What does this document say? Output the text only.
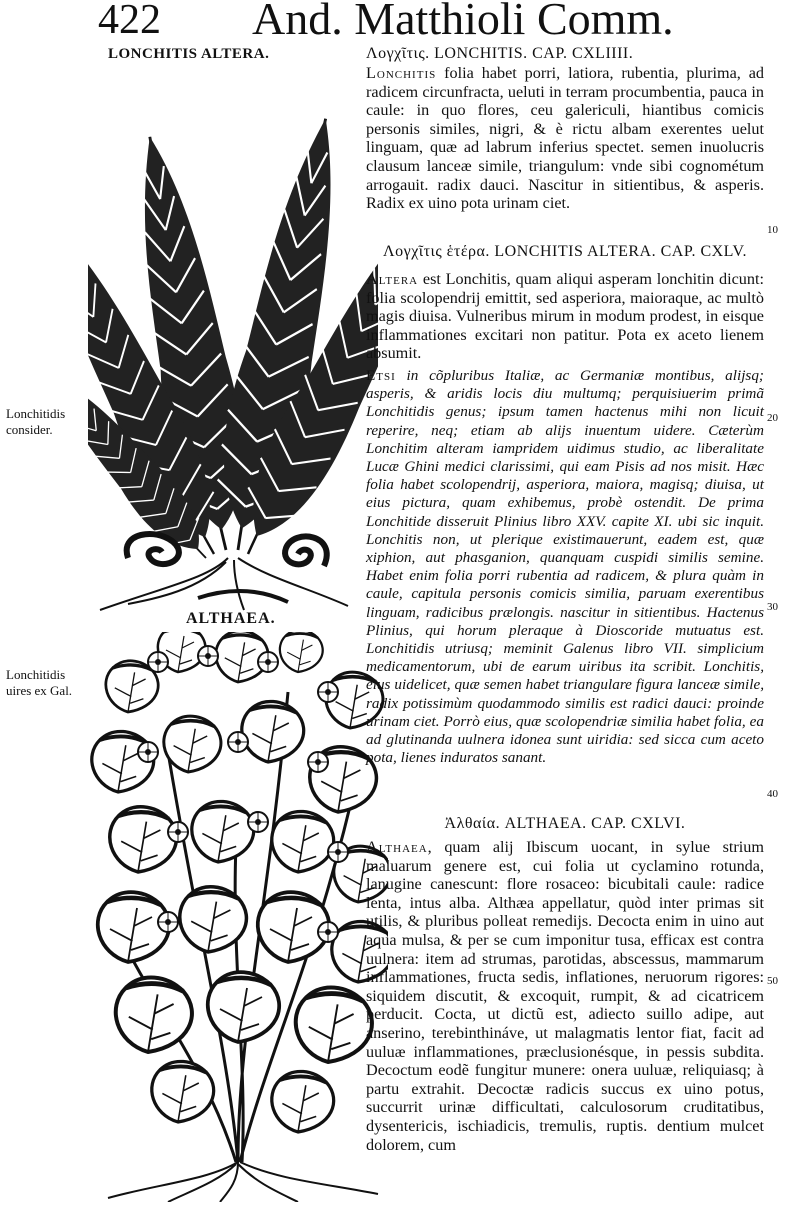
422 And. Matthioli Comm.
LONCHITIS ALTERA.
ALTHAEA.
Lonchitidis consider.
Lonchitidis uires ex Gal.
10
20
30
40
50

Λογχῖτις. LONCHITIS. CAP. CXLIIII.

Lonchitis folia habet porri, latiora, rubentia, plurima, ad radicem circunfracta, ueluti in terram procumbentia, pauca in caule: in quo flores, ceu galericuli, hiantibus comicis personis similes, nigri, & è rictu albam exerentes uelut linguam, quæ ad labrum inferius spectet. semen inuolucris clausum lanceæ simile, triangulum: vnde sibi cognométum arrogauit. radix dauci. Nascitur in sitientibus, & asperis. Radix ex uino pota urinam ciet.

Λογχῖτις ἑτέρα. LONCHITIS ALTERA. CAP. CXLV.

Altera est Lonchitis, quam aliqui asperam lonchitin dicunt: folia scolopendrij emittit, sed asperiora, maioraque, ac multò magis diuisa. Vulneribus mirum in modum prodest, in eisque inflammationes excitari non patitur. Pota ex aceto lienem absumit.

Etsi in cõpluribus Italiæ, ac Germaniæ montibus, alijsq; asperis, & aridis locis diu multumq; perquisiuerim primã Lonchitidis genus; ipsum tamen hactenus mihi non licuit reperire, neq; etiam ab alijs inuentum uidere. Cæterùm Lonchitim alteram iampridem uidimus studio, ac liberalitate Lucæ Ghini medici clarissimi, qui eam Pisis ad nos misit. Hæc folia habet scolopendrij, asperiora, maiora, magisq; diuisa, ut eius pictura, quam exhibemus, probè ostendit. De prima Lonchitide disseruit Plinius libro XXV. capite XI. ubi sic inquit. Lonchitis non, ut plerique existimauerunt, eadem est, quæ xiphion, aut phasganion, quanquam cuspidi similis semine. Habet enim folia porri rubentia ad radicem, & plura quàm in caule, capitula personis comicis similia, paruam exerentibus linguam, radicibus prælongis. nascitur in sitientibus. Hactenus Plinius, qui horum pleraque à Dioscoride mutuatus est. Lonchitidis utriusq; meminit Galenus libro VII. simplicium medicamentorum, ubi de earum uiribus ita scribit. Lonchitis, eius uidelicet, quæ semen habet triangulare figura lanceæ simile, radix potissimùm quodammodo similis est radici dauci: proinde urinam ciet. Porrò eius, quæ scolopendriæ similia habet folia, ea ad glutinanda uulnera idonea sunt uiridia: sed sicca cum aceto pota, lienes induratos sanant.

Ἀλθαία. ALTHAEA. CAP. CXLVI.

Althaea, quam alij Ibiscum uocant, in sylue strium maluarum genere est, cui folia ut cyclamino rotunda, lanugine canescunt: flore rosaceo: bicubitali caule: radice lenta, intus alba. Althæa appellatur, quòd inter primas sit utilis, & pluribus polleat remedijs. Decocta enim in uino aut aqua mulsa, & per se cum imponitur tusa, efficax est contra uulnera: item ad strumas, parotidas, abscessus, mammarum inflammationes, fructa sedis, inflationes, neruorum rigores: siquidem discutit, & excoquit, rumpit, & ad cicatricem perducit. Cocta, ut dictũ est, adiecto suillo adipe, aut anserino, terebinthináve, ut malagmatis lentor fiat, facit ad uuluæ inflammationes, præclusionésque, in pessis subdita. Decoctum eodẽ fungitur munere: onera uuluæ, reliquiasq; à partu extrahit. Decoctæ radicis succus ex uino potus, succurrit urinæ difficultati, calculosorum cruditatibus, dysentericis, ischiadicis, tremulis, ruptis. dentium mulcet dolorem, cum
